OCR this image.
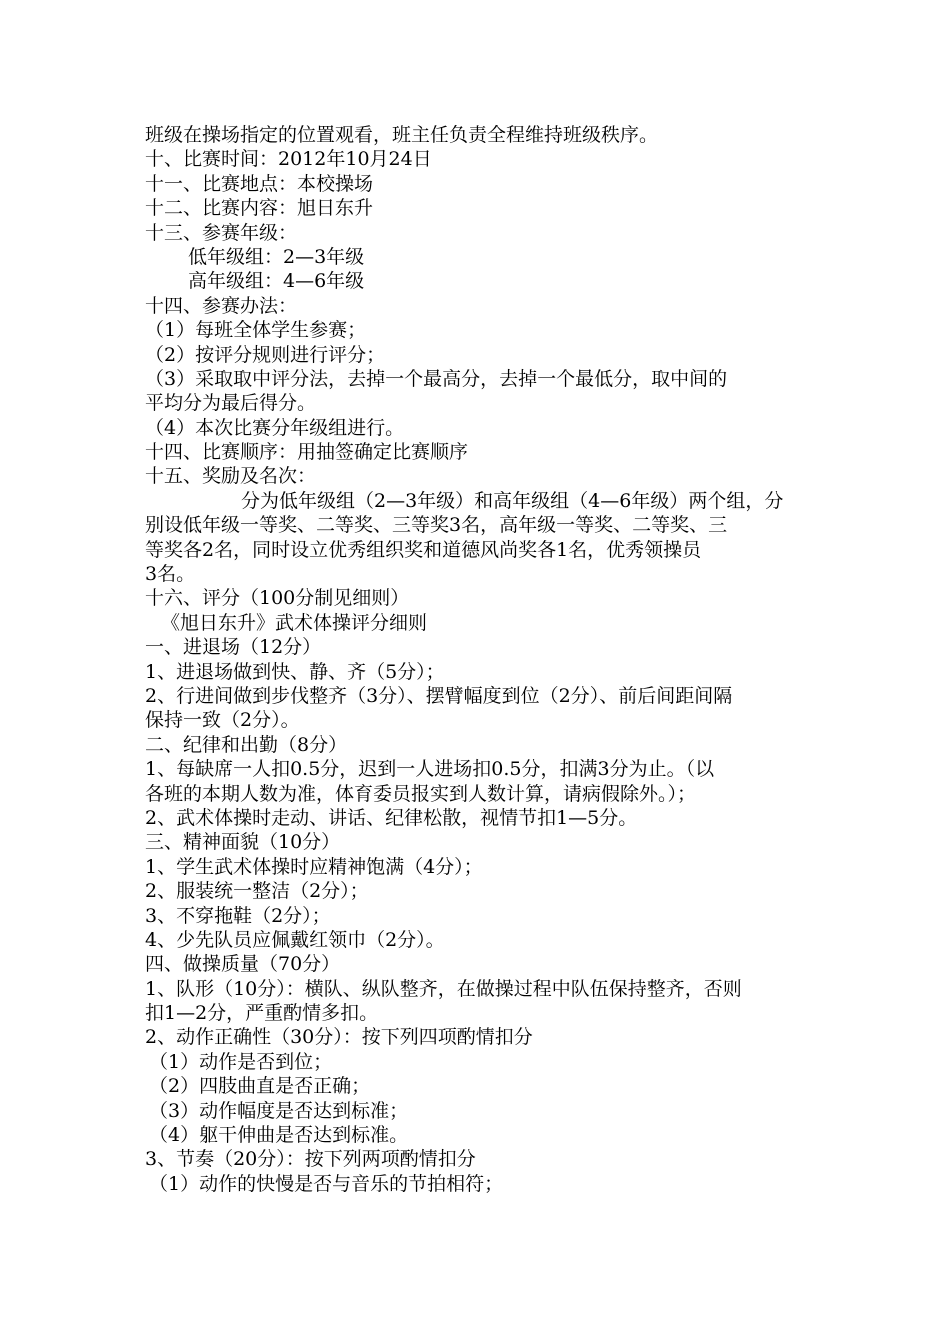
班级在操场指定的位置观看，班主任负责全程维持班级秩序。
十、比赛时间：2012年10月24日
十一、比赛地点：本校操场
十二、比赛内容：旭日东升
十三、参赛年级：
低年级组：2—3年级
高年级组：4—6年级
十四、参赛办法：
（1）每班全体学生参赛；
（2）按评分规则进行评分；
（3）采取取中评分法，去掉一个最高分，去掉一个最低分，取中间的
平均分为最后得分。
（4）本次比赛分年级组进行。
十四、比赛顺序：用抽签确定比赛顺序
十五、奖励及名次：
分为低年级组（2—3年级）和高年级组（4—6年级）两个组，分
别设低年级一等奖、二等奖、三等奖3名，高年级一等奖、二等奖、三
等奖各2名，同时设立优秀组织奖和道德风尚奖各1名，优秀领操员
3名。
十六、评分（100分制见细则）
《旭日东升》武术体操评分细则
一、进退场（12分）
1、进退场做到快、静、齐（5分）；
2、行进间做到步伐整齐（3分）、摆臂幅度到位（2分）、前后间距间隔
保持一致（2分）。
二、纪律和出勤（8分）
1、每缺席一人扣0.5分，迟到一人进场扣0.5分，扣满3分为止。（以
各班的本期人数为准，体育委员报实到人数计算，请病假除外。）；
2、武术体操时走动、讲话、纪律松散，视情节扣1—5分。
三、精神面貌（10分）
1、学生武术体操时应精神饱满（4分）；
2、服装统一整洁（2分）；
3、不穿拖鞋（2分）；
4、少先队员应佩戴红领巾（2分）。
四、做操质量（70分）
1、队形（10分）：横队、纵队整齐，在做操过程中队伍保持整齐，否则
扣1—2分，严重酌情多扣。
2、动作正确性（30分）：按下列四项酌情扣分
（1）动作是否到位；
（2）四肢曲直是否正确；
（3）动作幅度是否达到标准；
（4）躯干伸曲是否达到标准。
3、节奏（20分）：按下列两项酌情扣分
（1）动作的快慢是否与音乐的节拍相符；
